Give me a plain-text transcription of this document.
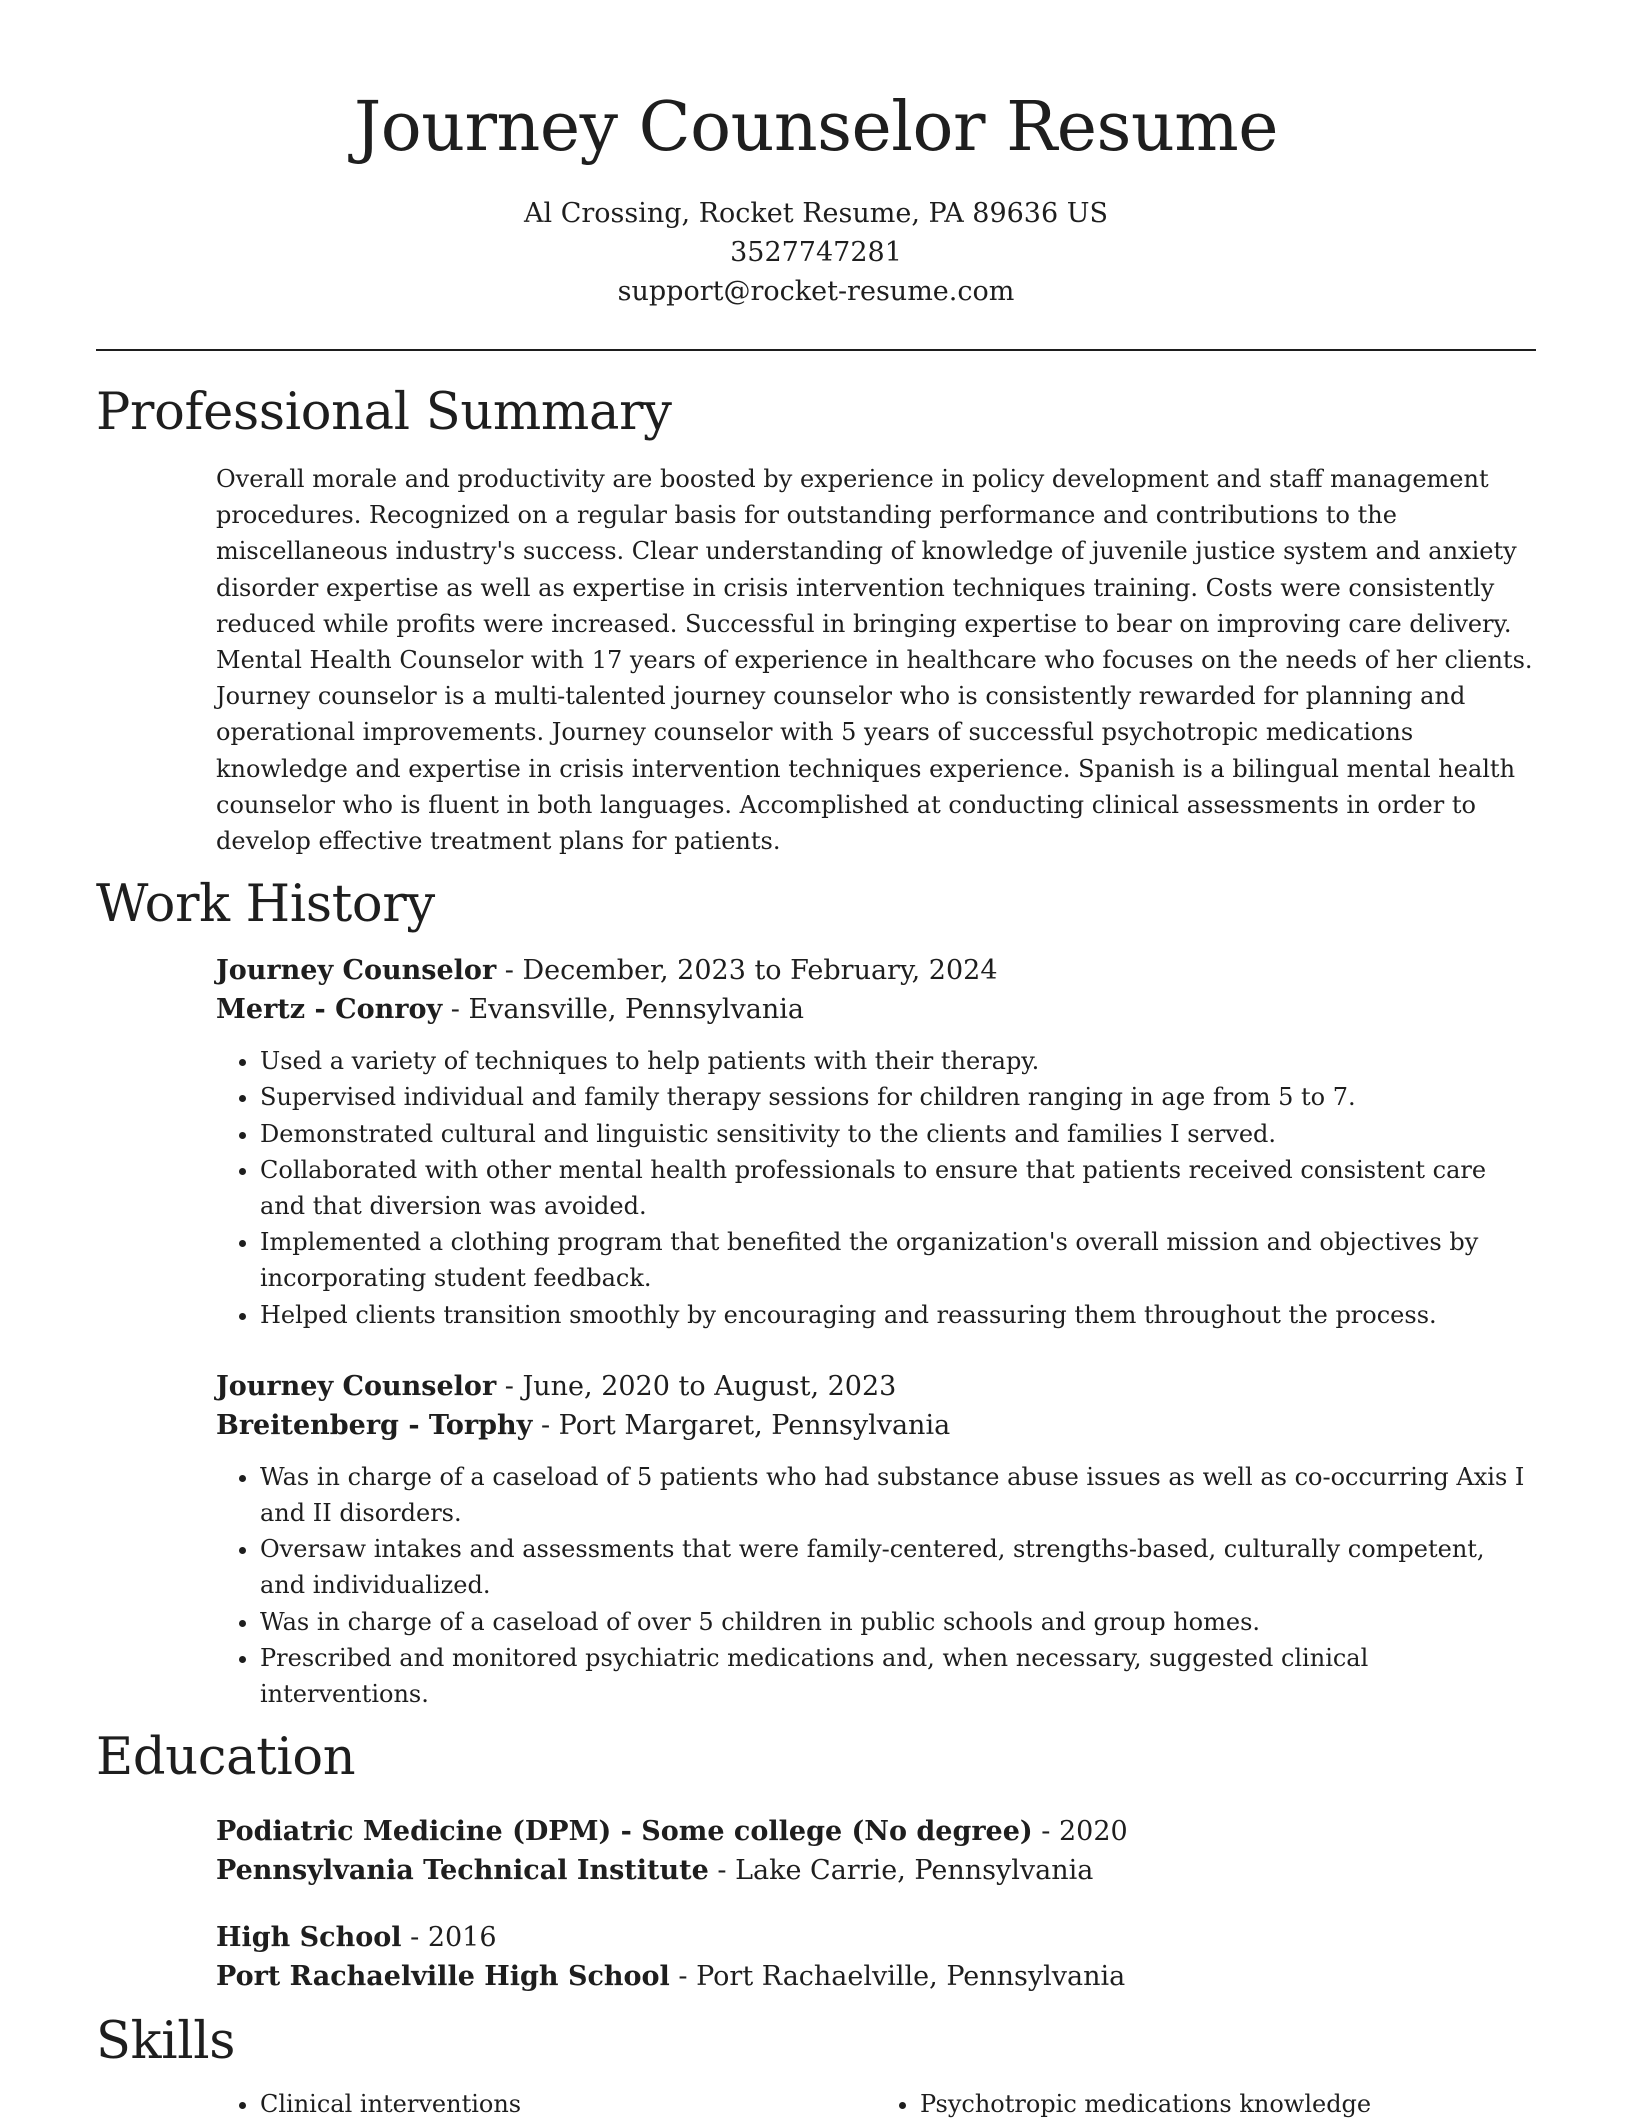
Journey Counselor Resume
Al Crossing, Rocket Resume, PA 89636 US
3527747281
support@rocket-resume.com
Professional Summary

Overall morale and productivity are boosted by experience in policy development and staff management procedures. Recognized on a regular basis for outstanding performance and contributions to the miscellaneous industry's success. Clear understanding of knowledge of juvenile justice system and anxiety disorder expertise as well as expertise in crisis intervention techniques training. Costs were consistently reduced while profits were increased. Successful in bringing expertise to bear on improving care delivery. Mental Health Counselor with 17 years of experience in healthcare who focuses on the needs of her clients. Journey counselor is a multi-talented journey counselor who is consistently rewarded for planning and operational improvements. Journey counselor with 5 years of successful psychotropic medications knowledge and expertise in crisis intervention techniques experience. Spanish is a bilingual mental health counselor who is fluent in both languages. Accomplished at conducting clinical assessments in order to develop effective treatment plans for patients.

Work History
Journey Counselor - December, 2023 to February, 2024
Mertz - Conroy - Evansville, Pennsylvania
• Used a variety of techniques to help patients with their therapy.
• Supervised individual and family therapy sessions for children ranging in age from 5 to 7.
• Demonstrated cultural and linguistic sensitivity to the clients and families I served.
• Collaborated with other mental health professionals to ensure that patients received consistent care and that diversion was avoided.
• Implemented a clothing program that benefited the organization's overall mission and objectives by incorporating student feedback.
• Helped clients transition smoothly by encouraging and reassuring them throughout the process.
Journey Counselor - June, 2020 to August, 2023
Breitenberg - Torphy - Port Margaret, Pennsylvania
• Was in charge of a caseload of 5 patients who had substance abuse issues as well as co-occurring Axis I and II disorders.
• Oversaw intakes and assessments that were family-centered, strengths-based, culturally competent, and individualized.
• Was in charge of a caseload of over 5 children in public schools and group homes.
• Prescribed and monitored psychiatric medications and, when necessary, suggested clinical interventions.
Education
Podiatric Medicine (DPM) - Some college (No degree) - 2020
Pennsylvania Technical Institute - Lake Carrie, Pennsylvania
High School - 2016
Port Rachaelville High School - Port Rachaelville, Pennsylvania
Skills
• Clinical interventions
•	Psychotropic medications knowledge
